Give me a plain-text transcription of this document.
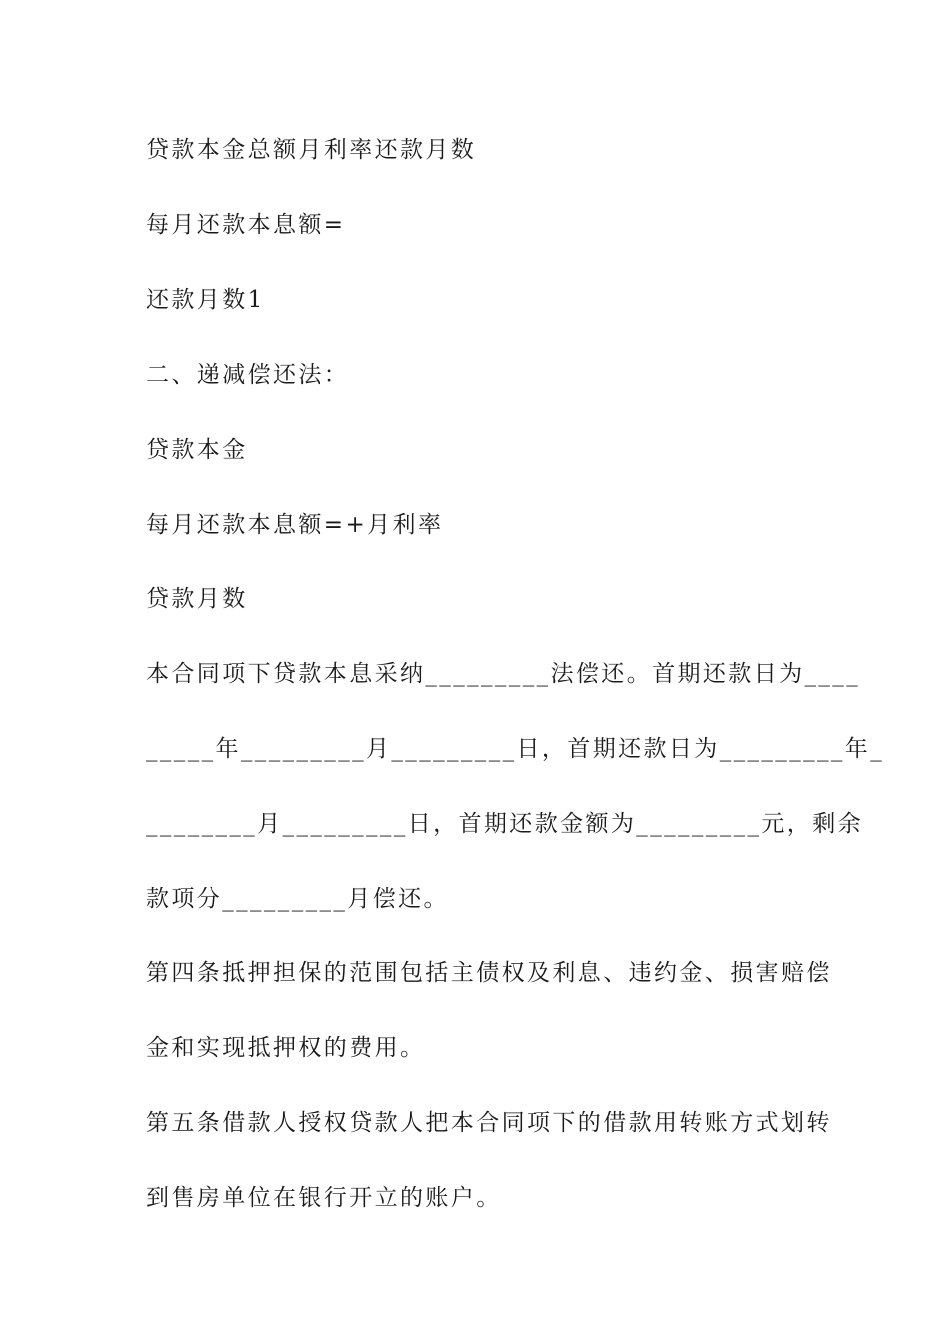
贷款本金总额月利率还款月数
每月还款本息额=
还款月数1
二、递减偿还法：
贷款本金
每月还款本息额=+月利率
贷款月数
本合同项下贷款本息采纳_________法偿还。首期还款日为____
_____年_________月_________日，首期还款日为_________年_
________月_________日，首期还款金额为_________元，剩余
款项分_________月偿还。
第四条抵押担保的范围包括主债权及利息、违约金、损害赔偿
金和实现抵押权的费用。
第五条借款人授权贷款人把本合同项下的借款用转账方式划转
到售房单位在银行开立的账户。
